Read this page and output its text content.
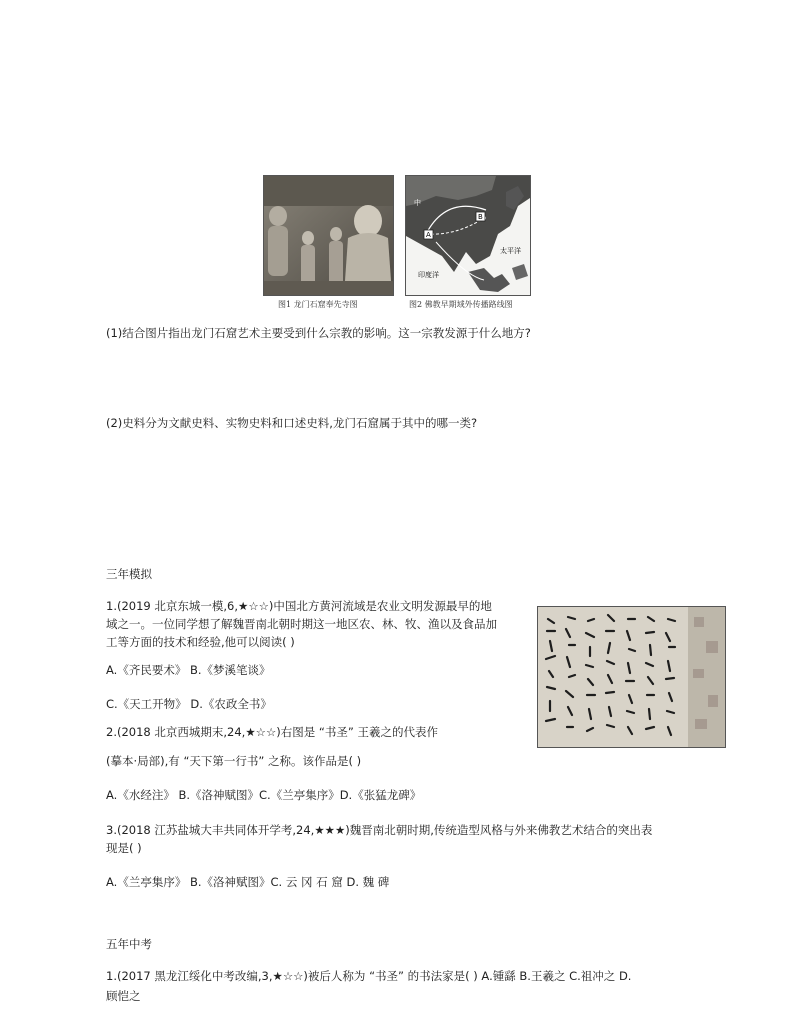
图1 龙门石窟奉先寺图
中
A
B
太平洋
印度洋
图2 佛教早期域外传播路线图
(1)结合图片指出龙门石窟艺术主要受到什么宗教的影响。这一宗教发源于什么地方?
(2)史料分为文献史料、实物史料和口述史料,龙门石窟属于其中的哪一类?
三年模拟
1.(2019 北京东城一模,6,★☆☆)中国北方黄河流域是农业文明发源最早的地
域之一。一位同学想了解魏晋南北朝时期这一地区农、林、牧、渔以及食品加
工等方面的技术和经验,他可以阅读( )
A.《齐民要术》 B.《梦溪笔谈》
C.《天工开物》 D.《农政全书》
2.(2018 北京西城期末,24,★☆☆)右图是 “书圣” 王羲之的代表作
(摹本·局部),有 “天下第一行书” 之称。该作品是( )
A.《水经注》 B.《洛神赋图》C.《兰亭集序》D.《张猛龙碑》
3.(2018 江苏盐城大丰共同体开学考,24,★★★)魏晋南北朝时期,传统造型风格与外来佛教艺术结合的突出表
现是( )
A.《兰亭集序》 B.《洛神赋图》C. 云 冈 石 窟 D. 魏 碑
五年中考
1.(2017 黑龙江绥化中考改编,3,★☆☆)被后人称为 “书圣” 的书法家是( ) A.锺繇 B.王羲之 C.祖冲之 D.
顾恺之
